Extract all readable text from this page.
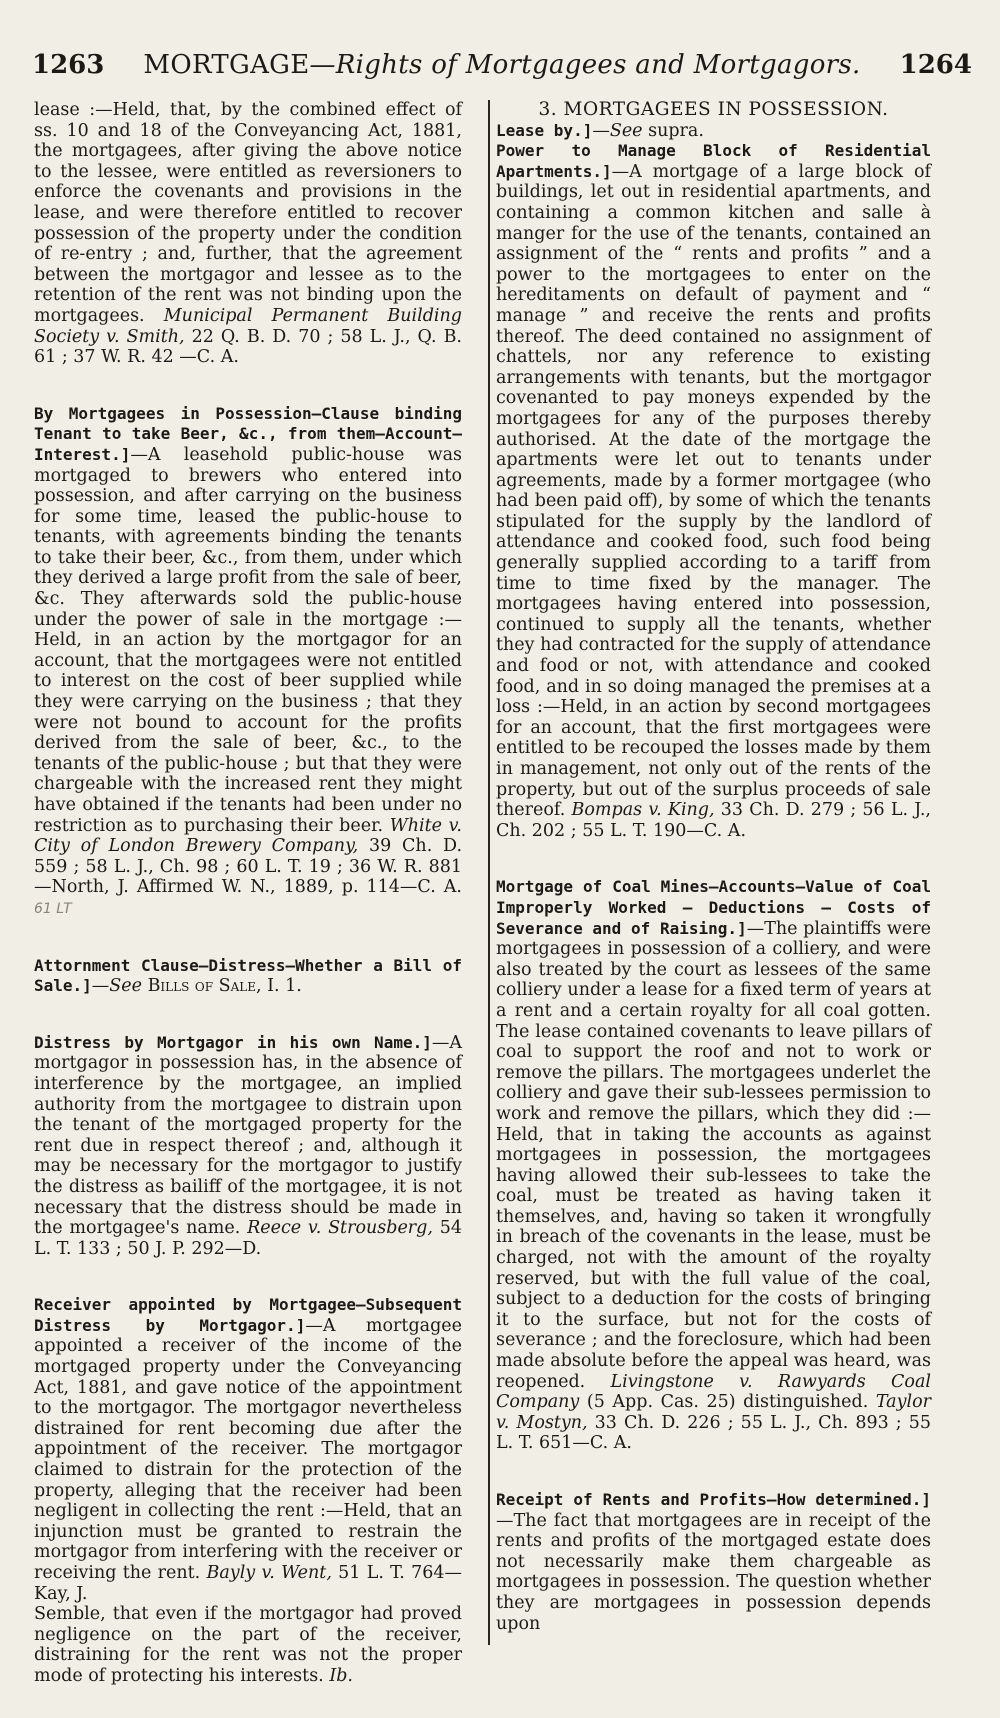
1263 MORTGAGE—Rights of Mortgagees and Mortgagors. 1264

lease :—Held, that, by the combined effect of ss. 10 and 18 of the Conveyancing Act, 1881, the mortgagees, after giving the above notice to the lessee, were entitled as reversioners to enforce the covenants and provisions in the lease, and were therefore entitled to recover possession of the property under the condition of re-entry ; and, further, that the agreement between the mortgagor and lessee as to the retention of the rent was not binding upon the mortgagees. Municipal Permanent Building Society v. Smith, 22 Q. B. D. 70 ; 58 L. J., Q. B. 61 ; 37 W. R. 42 —C. A.

By Mortgagees in Possession—Clause binding Tenant to take Beer, &c., from them—Account—Interest.]—A leasehold public-house was mortgaged to brewers who entered into possession, and after carrying on the business for some time, leased the public-house to tenants, with agreements binding the tenants to take their beer, &c., from them, under which they derived a large profit from the sale of beer, &c. They afterwards sold the public-house under the power of sale in the mortgage :—Held, in an action by the mortgagor for an account, that the mortgagees were not entitled to interest on the cost of beer supplied while they were carrying on the business ; that they were not bound to account for the profits derived from the sale of beer, &c., to the tenants of the public-house ; but that they were chargeable with the increased rent they might have obtained if the tenants had been under no restriction as to purchasing their beer. White v. City of London Brewery Company, 39 Ch. D. 559 ; 58 L. J., Ch. 98 ; 60 L. T. 19 ; 36 W. R. 881—North, J. Affirmed W. N., 1889, p. 114—C. A. 61 LT

Attornment Clause—Distress—Whether a Bill of Sale.]—See Bills of Sale, I. 1.

Distress by Mortgagor in his own Name.]—A mortgagor in possession has, in the absence of interference by the mortgagee, an implied authority from the mortgagee to distrain upon the tenant of the mortgaged property for the rent due in respect thereof ; and, although it may be necessary for the mortgagor to justify the distress as bailiff of the mortgagee, it is not necessary that the distress should be made in the mortgagee's name. Reece v. Strousberg, 54 L. T. 133 ; 50 J. P. 292—D.

Receiver appointed by Mortgagee—Subsequent Distress by Mortgagor.]—A mortgagee appointed a receiver of the income of the mortgaged property under the Conveyancing Act, 1881, and gave notice of the appointment to the mortgagor. The mortgagor nevertheless distrained for rent becoming due after the appointment of the receiver. The mortgagor claimed to distrain for the protection of the property, alleging that the receiver had been negligent in collecting the rent :—Held, that an injunction must be granted to restrain the mortgagor from interfering with the receiver or receiving the rent. Bayly v. Went, 51 L. T. 764—Kay, J.

Semble, that even if the mortgagor had proved negligence on the part of the receiver, distraining for the rent was not the proper mode of protecting his interests. Ib.

3. MORTGAGEES IN POSSESSION.

Lease by.]—See supra.

Power to Manage Block of Residential Apartments.]—A mortgage of a large block of buildings, let out in residential apartments, and containing a common kitchen and salle à manger for the use of the tenants, contained an assignment of the “ rents and profits ” and a power to the mortgagees to enter on the hereditaments on default of payment and “ manage ” and receive the rents and profits thereof. The deed contained no assignment of chattels, nor any reference to existing arrangements with tenants, but the mortgagor covenanted to pay moneys expended by the mortgagees for any of the purposes thereby authorised. At the date of the mortgage the apartments were let out to tenants under agreements, made by a former mortgagee (who had been paid off), by some of which the tenants stipulated for the supply by the landlord of attendance and cooked food, such food being generally supplied according to a tariff from time to time fixed by the manager. The mortgagees having entered into possession, continued to supply all the tenants, whether they had contracted for the supply of attendance and food or not, with attendance and cooked food, and in so doing managed the premises at a loss :—Held, in an action by second mortgagees for an account, that the first mortgagees were entitled to be recouped the losses made by them in management, not only out of the rents of the property, but out of the surplus proceeds of sale thereof. Bompas v. King, 33 Ch. D. 279 ; 56 L. J., Ch. 202 ; 55 L. T. 190—C. A.

Mortgage of Coal Mines—Accounts—Value of Coal Improperly Worked — Deductions — Costs of Severance and of Raising.]—The plaintiffs were mortgagees in possession of a colliery, and were also treated by the court as lessees of the same colliery under a lease for a fixed term of years at a rent and a certain royalty for all coal gotten. The lease contained covenants to leave pillars of coal to support the roof and not to work or remove the pillars. The mortgagees underlet the colliery and gave their sub-lessees permission to work and remove the pillars, which they did :—Held, that in taking the accounts as against mortgagees in possession, the mortgagees having allowed their sub-lessees to take the coal, must be treated as having taken it themselves, and, having so taken it wrongfully in breach of the covenants in the lease, must be charged, not with the amount of the royalty reserved, but with the full value of the coal, subject to a deduction for the costs of bringing it to the surface, but not for the costs of severance ; and the foreclosure, which had been made absolute before the appeal was heard, was reopened. Livingstone v. Rawyards Coal Company (5 App. Cas. 25) distinguished. Taylor v. Mostyn, 33 Ch. D. 226 ; 55 L. J., Ch. 893 ; 55 L. T. 651—C. A.

Receipt of Rents and Profits—How determined.]—The fact that mortgagees are in receipt of the rents and profits of the mortgaged estate does not necessarily make them chargeable as mortgagees in possession. The question whether they are mortgagees in possession depends upon
